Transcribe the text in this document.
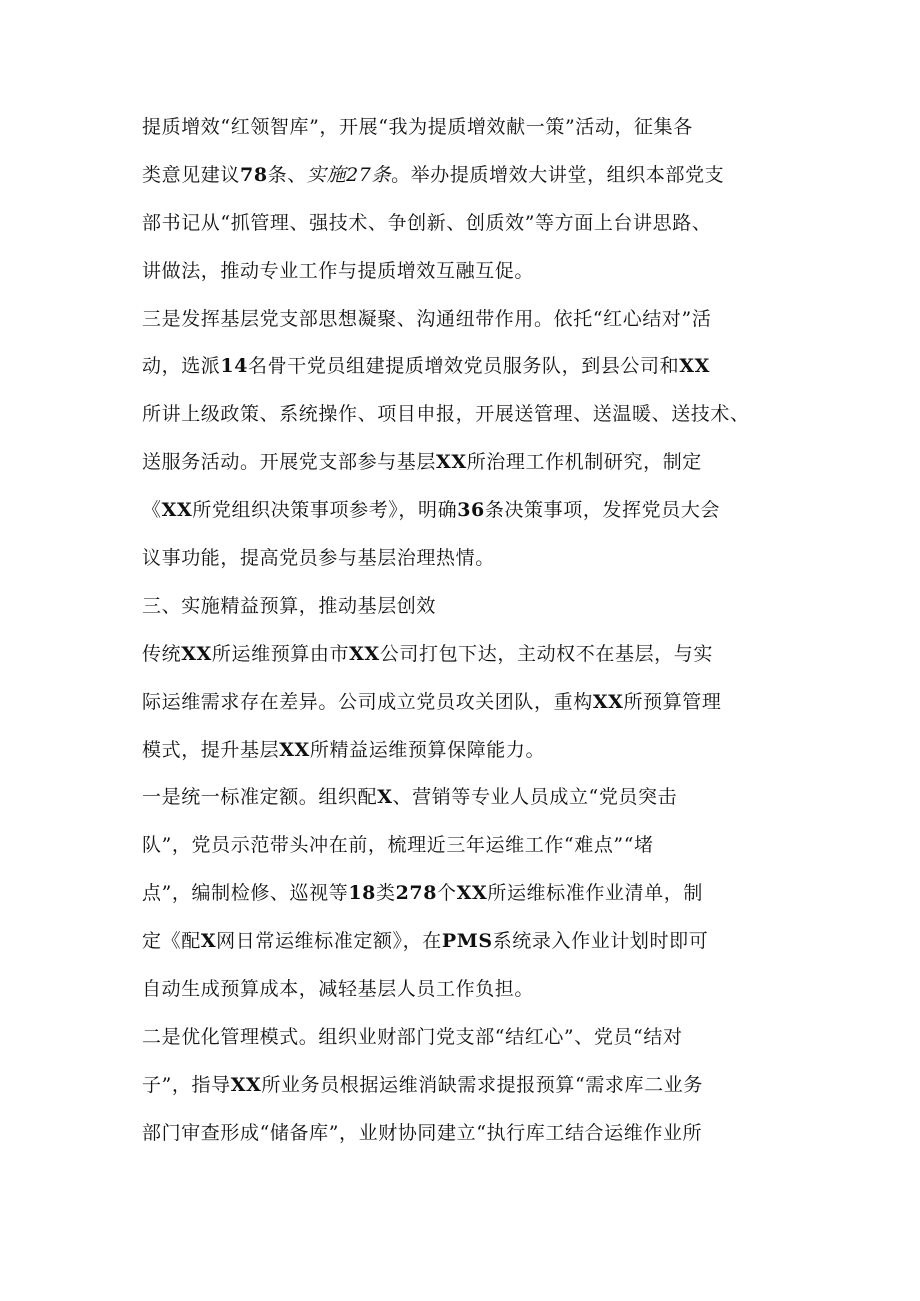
提质增效“红领智库”，开展“我为提质增效献一策”活动，征集各
类意见建议78条、实施27条。举办提质增效大讲堂，组织本部党支
部书记从“抓管理、强技术、争创新、创质效”等方面上台讲思路、
讲做法，推动专业工作与提质增效互融互促。
三是发挥基层党支部思想凝聚、沟通纽带作用。依托“红心结对”活
动，选派14名骨干党员组建提质增效党员服务队，到县公司和XX
所讲上级政策、系统操作、项目申报，开展送管理、送温暖、送技术、
送服务活动。开展党支部参与基层XX所治理工作机制研究，制定
《XX所党组织决策事项参考》，明确36条决策事项，发挥党员大会
议事功能，提高党员参与基层治理热情。
三、实施精益预算，推动基层创效
传统XX所运维预算由市XX公司打包下达，主动权不在基层，与实
际运维需求存在差异。公司成立党员攻关团队，重构XX所预算管理
模式，提升基层XX所精益运维预算保障能力。
一是统一标准定额。组织配X、营销等专业人员成立“党员突击
队”，党员示范带头冲在前，梳理近三年运维工作“难点”“堵
点”，编制检修、巡视等18类278个XX所运维标准作业清单，制
定《配X网日常运维标准定额》，在PMS系统录入作业计划时即可
自动生成预算成本，减轻基层人员工作负担。
二是优化管理模式。组织业财部门党支部“结红心”、党员“结对
子”，指导XX所业务员根据运维消缺需求提报预算“需求库二业务
部门审查形成“储备库”，业财协同建立“执行库工结合运维作业所
